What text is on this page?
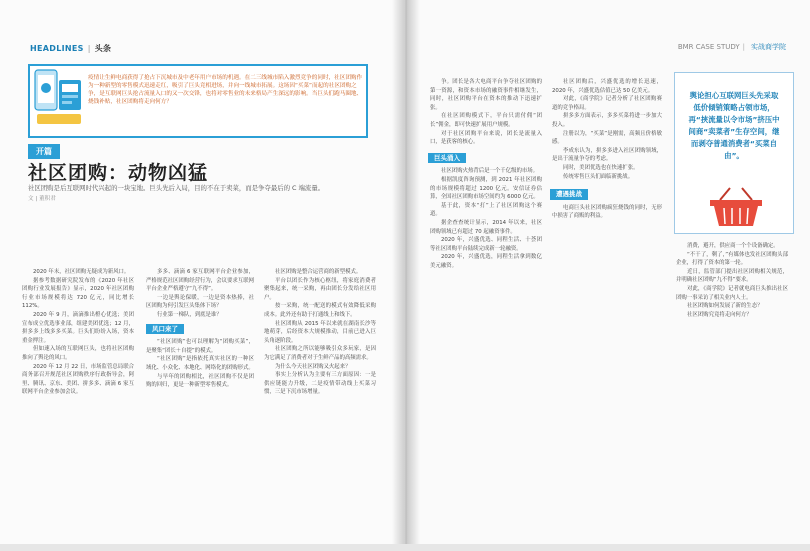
HEADLINES | 头条
疫情让生鲜电商获得了抢占下沉城市及中老年用户市场的机遇。在二三线城市陷入激烈竞争的同时，社区团购作为一种新型的零售模式迅速走红，吸引了巨头竞相进场，并向一线城市拓展。这场因“买菜”而起的社区团购之争，是互联网巨头抢占流量入口的又一次交锋，也将对零售业的未来格局产生深远的影响。当巨头们跑马圈地、烧钱补贴，社区团购将走向何方？
开篇
社区团购：动物凶猛
社区团购是后互联网时代兴起的一块宝地。巨头先后入局，目的不在于卖菜，而是争夺最后的 C 端流量。
文 | 董积君

2020 年末，社区团购无疑成为新风口。

据参考数据研究院发布的《2020 年社区团购行业发展报告》显示，2020 年社区团购行业市场规模将达 720 亿元，同比增长 112%。

2020 年 9 月，滴滴推出橙心优选；美团宣布成立优选事业部，组建美团优选；12 月，拼多多上线多多买菜。巨头们纷纷入场，资本重金押注。

但如速入场的互联网巨头，也将社区团购推向了舆论的风口。

2020 年 12 月 22 日，市场监管总局联合商务部召开规范社区团购秩序行政指导会，阿里、腾讯、京东、美团、拼多多、滴滴 6 家互联网平台企业参加会议。

多多、滴滴 6 家互联网平台企业参加，严格规范社区团购经营行为，会议要求互联网平台企业严格遵守“九不得”。

一边是舆论保暖，一边是资本热捧，社区团购为何引发巨头集体下场？

行业第一梯队，到底是谁？

风口来了

“社区团购”也可以理解为“团购买菜”，是聚集“团长＋自提”的模式。

“社区团购”是指依托真实社区的一种区域化、小众化、本地化、网络化的团购形式。

与早年的团购相比，社区团购不仅是团购的回归，更是一种新型零售模式。

社区团购是整合运营商的新型模式。

平台以团长作为核心枢纽，将家庭消费者聚集起来，统一采购，再由团长分发给社区用户。

按一采购，统一配送的模式有效降低采购成本。此外还有助于打通线上和线下。

社区团购从 2015 年以来就在湖南长沙等地萌芽，后经资本大规模推动，目前已进入巨头角逐阶段。

社区团购之所以能够吸引众多玩家，是因为它满足了消费者对于生鲜产品的高频需求。

为什么今天社区团购又火起来？

事实上分析认为主要有三方面原因：一是供应链能力升级，二是疫情带动线上买菜习惯，三是下沉市场增量。

BMR CASE STUDY | 实战商学院

争。团长是各大电商平台争夺社区团购的第一资源，和资本市场的融资事件相继发生，同时，社区团购平台在资本的推动下迅速扩张。

在社区团购模式下，平台只需付佣“团长”佣金，即可快速扩展用户规模。

对于社区团购平台来说，团长是流量入口，是获客的核心。

巨头涌入

社区团购火热背后是一个千亿级的市场。

根据凯度咨询预测，到 2021 年社区团购的市场规模将超过 1200 亿元。安信证券估算，全国社区团购市场空间约为 6000 亿元。

基于此，资本“打”上了社区团购这个赛道。

据企查查统计显示，2014 年以来，社区团购领域已有超过 70 起融资事件。

2020 年，兴盛优选、同程生活、十荟团等社区团购平台陆续完成新一轮融资。

2020 年，兴盛优选，同程生活拿到数亿美元融资。

社区团购后，兴盛优选的增长迅速，2020 年，兴盛优选估值已达 50 亿美元。

对此，《商学院》记者分析了社区团购赛道的竞争格局。

拼多多方面表示，多多买菜将进一步加大投入。

注册以为，“买菜”是刚需，高频且价格敏感。

李成东认为，拼多多进入社区团购领域，是出于流量争夺的考虑。

同时，美团优选也在快速扩张。

传统零售巨头们面临新挑战。

遭遇挑战

电商巨头社区团购疯狂烧钱的同时，无形中损害了商贩的利益。

舆论担心互联网巨头先采取低价倾销策略占领市场，再“挟流量以令市场”挤压中间商“卖菜者”生存空间，继而剥夺普通消费者“买菜自由”。

消费，避开，供应商一个个设备确定。

“不干了，剩了，”有媒体也发社区团购头部企业，打得了资本的第一轮。

近日，监管部门提出社区团购相关规范，并明确社区团购“九不得”要求。

对此，《商学院》记者就电商巨头推出社区团购一事采访了相关业内人士。

社区团购如何发展了新的生态？

社区团购究竟将走向何方？
